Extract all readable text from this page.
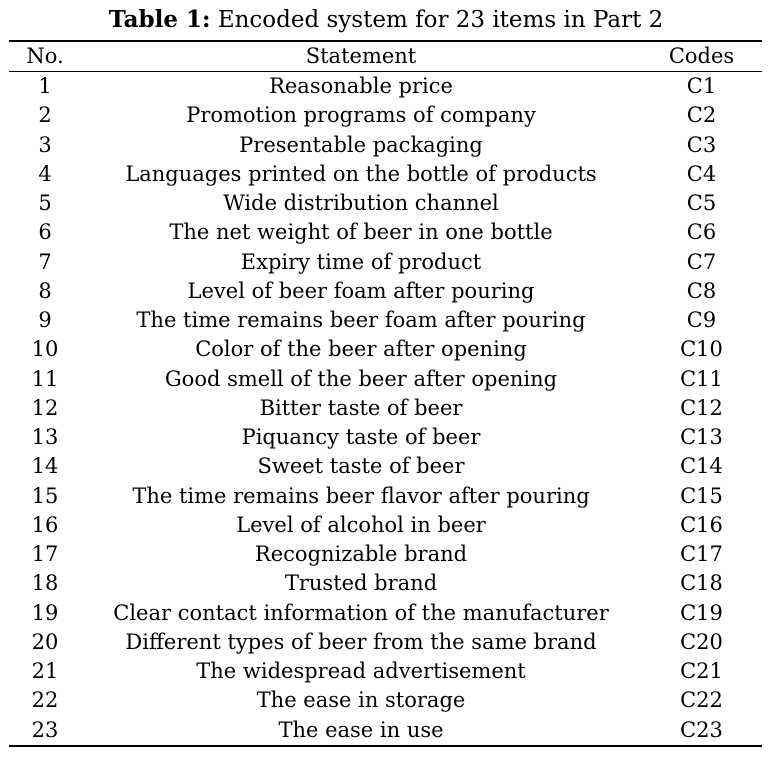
Table 1: Encoded system for 23 items in Part 2
No.	Statement	Codes
1	Reasonable price	C1
2	Promotion programs of company	C2
3	Presentable packaging	C3
4	Languages printed on the bottle of products	C4
5	Wide distribution channel	C5
6	The net weight of beer in one bottle	C6
7	Expiry time of product	C7
8	Level of beer foam after pouring	C8
9	The time remains beer foam after pouring	C9
10	Color of the beer after opening	C10
11	Good smell of the beer after opening	C11
12	Bitter taste of beer	C12
13	Piquancy taste of beer	C13
14	Sweet taste of beer	C14
15	The time remains beer flavor after pouring	C15
16	Level of alcohol in beer	C16
17	Recognizable brand	C17
18	Trusted brand	C18
19	Clear contact information of the manufacturer	C19
20	Different types of beer from the same brand	C20
21	The widespread advertisement	C21
22	The ease in storage	C22
23	The ease in use	C23
